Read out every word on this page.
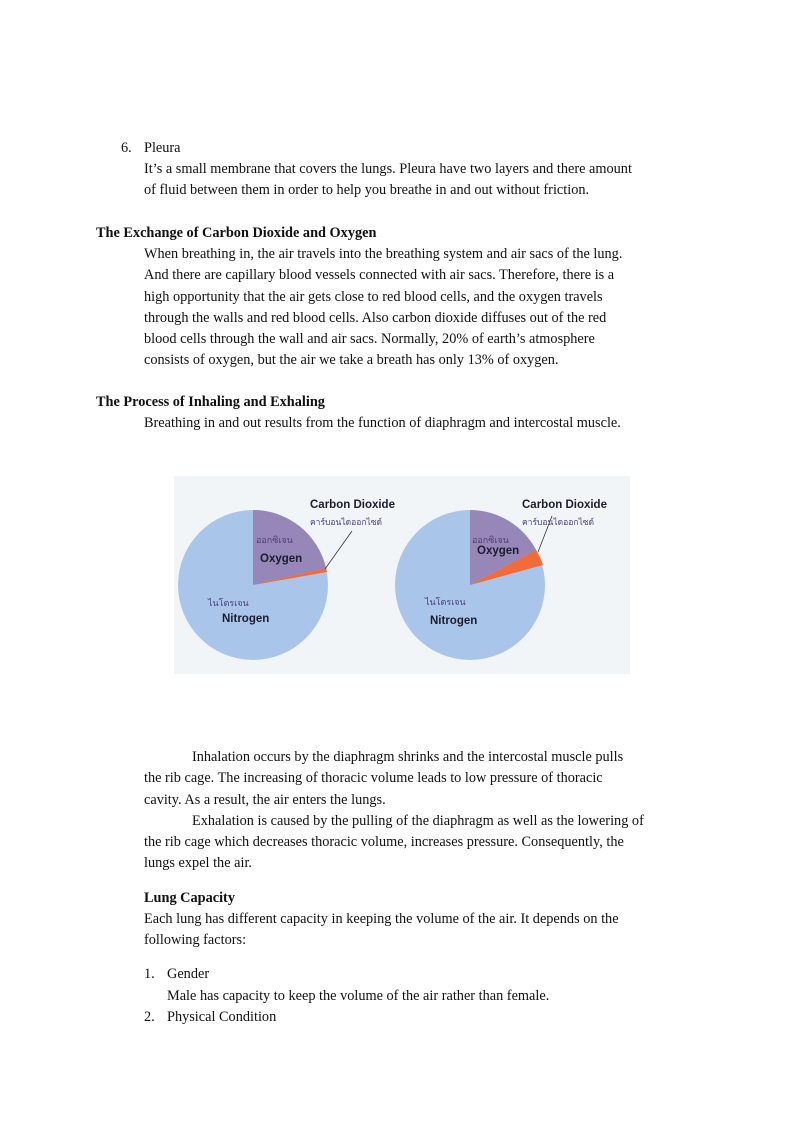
6. Pleura
It’s a small membrane that covers the lungs. Pleura have two layers and there amount
of fluid between them in order to help you breathe in and out without friction.
The Exchange of Carbon Dioxide and Oxygen
When breathing in, the air travels into the breathing system and air sacs of the lung.
And there are capillary blood vessels connected with air sacs. Therefore, there is a
high opportunity that the air gets close to red blood cells, and the oxygen travels
through the walls and red blood cells. Also carbon dioxide diffuses out of the red
blood cells through the wall and air sacs. Normally, 20% of earth’s atmosphere
consists of oxygen, but the air we take a breath has only 13% of oxygen.
The Process of Inhaling and Exhaling
Breathing in and out results from the function of diaphragm and intercostal muscle.
ออกซิเจน
Oxygen
ไนโตรเจน
Nitrogen
Carbon Dioxide
คาร์บอนไดออกไซด์
ออกซิเจน
Oxygen
ไนโตรเจน
Nitrogen
Carbon Dioxide
คาร์บอนไดออกไซด์
Inhalation occurs by the diaphragm shrinks and the intercostal muscle pulls
the rib cage. The increasing of thoracic volume leads to low pressure of thoracic
cavity. As a result, the air enters the lungs.
Exhalation is caused by the pulling of the diaphragm as well as the lowering of
the rib cage which decreases thoracic volume, increases pressure. Consequently, the
lungs expel the air.
Lung Capacity
Each lung has different capacity in keeping the volume of the air. It depends on the
following factors:
1. Gender
Male has capacity to keep the volume of the air rather than female.
2. Physical Condition
